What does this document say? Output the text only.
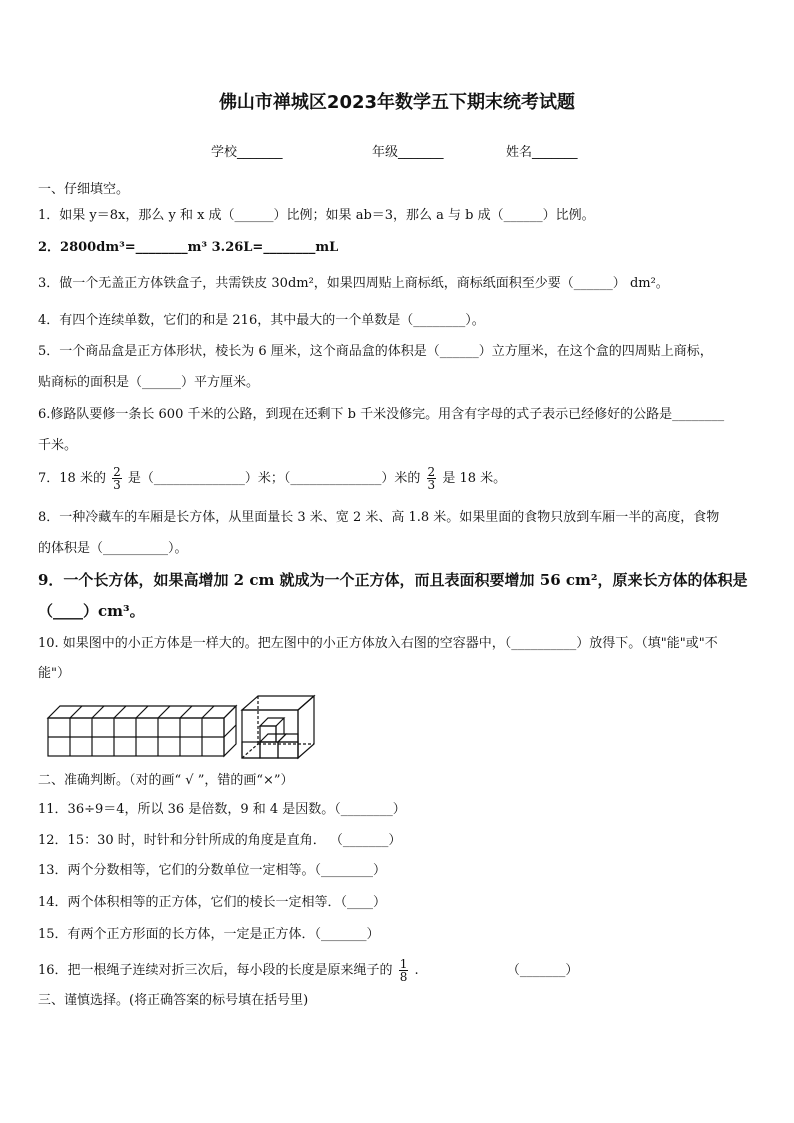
佛山市禅城区2023年数学五下期末统考试题
学校_______	年级_______	姓名_______
一、仔细填空。
1．如果 y＝8x，那么 y 和 x 成（______）比例；如果 ab＝3，那么 a 与 b 成（______）比例。
2．2800dm³=________m³ 3.26L=________mL
3．做一个无盖正方体铁盒子，共需铁皮 30dm²，如果四周贴上商标纸，商标纸面积至少要（______） dm²。
4．有四个连续单数，它们的和是 216，其中最大的一个单数是（________）。
5．一个商品盒是正方体形状，棱长为 6 厘米，这个商品盒的体积是（______）立方厘米，在这个盒的四周贴上商标，
贴商标的面积是（______）平方厘米。
6.修路队要修一条长 600 千米的公路，到现在还剩下 b 千米没修完。用含有字母的式子表示已经修好的公路是________
千米。
7．18 米的 $\frac{2}{3}$ 是（______________）米；（______________）米的 $\frac{2}{3}$ 是 18 米。
8．一种冷藏车的车厢是长方体，从里面量长 3 米、宽 2 米、高 1.8 米。如果里面的食物只放到车厢一半的高度，食物
的体积是（__________）。
9．一个长方体，如果高增加 2 cm 就成为一个正方体，而且表面积要增加 56 cm²，原来长方体的体积是
（____）cm³。
10. 如果图中的小正方体是一样大的。把左图中的小正方体放入右图的空容器中，（__________）放得下。（填"能"或"不
能"）
二、准确判断。（对的画“ √ ”，错的画“×”）
11．36÷9＝4，所以 36 是倍数，9 和 4 是因数。（________）
12．15：30 时，时针和分针所成的角度是直角． （_______）
13．两个分数相等，它们的分数单位一定相等。（________）
14．两个体积相等的正方体，它们的棱长一定相等．（____）
15．有两个正方形面的长方体，一定是正方体．（_______）
16．把一根绳子连续对折三次后，每小段的长度是原来绳子的 $\frac{1}{8}$ .	（_______）
三、谨慎选择。(将正确答案的标号填在括号里)
